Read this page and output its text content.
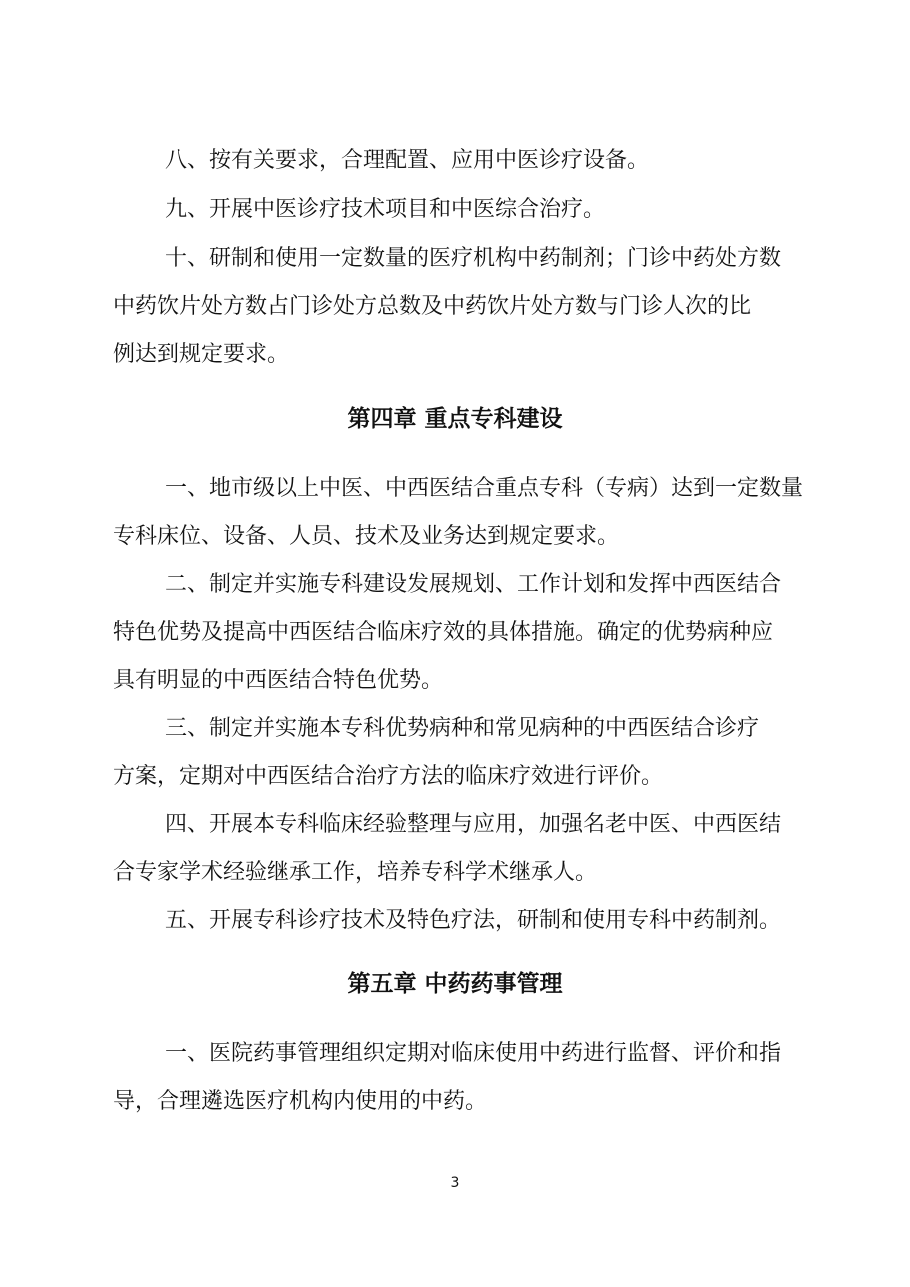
八、按有关要求，合理配置、应用中医诊疗设备。

九、开展中医诊疗技术项目和中医综合治疗。

十、研制和使用一定数量的医疗机构中药制剂；门诊中药处方数

中药饮片处方数占门诊处方总数及中药饮片处方数与门诊人次的比

例达到规定要求。

第四章 重点专科建设

一、地市级以上中医、中西医结合重点专科（专病）达到一定数量

专科床位、设备、人员、技术及业务达到规定要求。

二、制定并实施专科建设发展规划、工作计划和发挥中西医结合

特色优势及提高中西医结合临床疗效的具体措施。确定的优势病种应

具有明显的中西医结合特色优势。

三、制定并实施本专科优势病种和常见病种的中西医结合诊疗

方案，定期对中西医结合治疗方法的临床疗效进行评价。

四、开展本专科临床经验整理与应用，加强名老中医、中西医结

合专家学术经验继承工作，培养专科学术继承人。

五、开展专科诊疗技术及特色疗法，研制和使用专科中药制剂。

第五章 中药药事管理

一、医院药事管理组织定期对临床使用中药进行监督、评价和指

导，合理遴选医疗机构内使用的中药。

3
